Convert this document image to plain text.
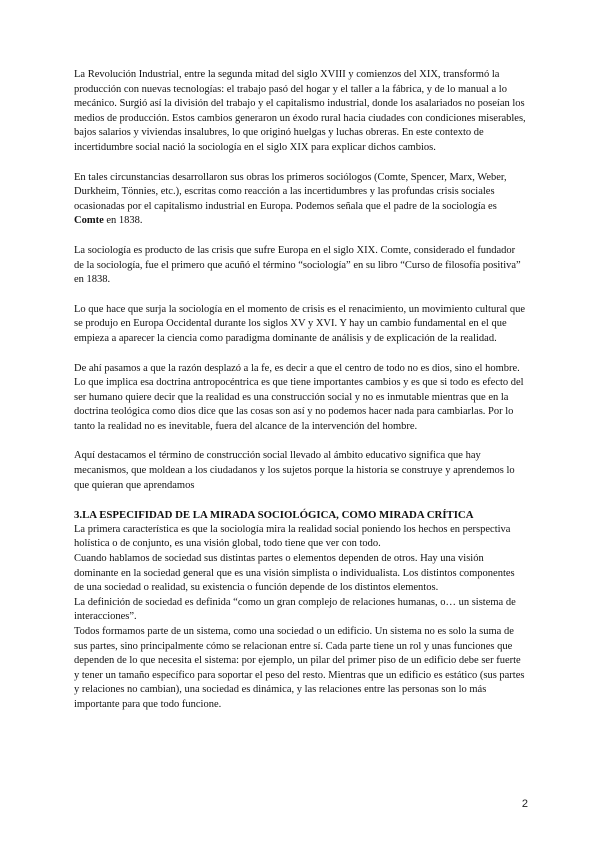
La Revolución Industrial, entre la segunda mitad del siglo XVIII y comienzos del XIX, transformó la producción con nuevas tecnologías: el trabajo pasó del hogar y el taller a la fábrica, y de lo manual a lo mecánico. Surgió así la división del trabajo y el capitalismo industrial, donde los asalariados no poseían los medios de producción. Estos cambios generaron un éxodo rural hacia ciudades con condiciones miserables, bajos salarios y viviendas insalubres, lo que originó huelgas y luchas obreras. En este contexto de incertidumbre social nació la sociología en el siglo XIX para explicar dichos cambios.

En tales circunstancias desarrollaron sus obras los primeros sociólogos (Comte, Spencer, Marx, Weber, Durkheim, Tönnies, etc.), escritas como reacción a las incertidumbres y las profundas crisis sociales ocasionadas por el capitalismo industrial en Europa. Podemos señala que el padre de la sociología es Comte en 1838.

La sociología es producto de las crisis que sufre Europa en el siglo XIX. Comte, considerado el fundador de la sociología, fue el primero que acuñó el término “sociología” en su libro “Curso de filosofía positiva” en 1838.

Lo que hace que surja la sociología en el momento de crisis es el renacimiento, un movimiento cultural que se produjo en Europa Occidental durante los siglos XV y XVI. Y hay un cambio fundamental en el que empieza a aparecer la ciencia como paradigma dominante de análisis y de explicación de la realidad.

De ahí pasamos a que la razón desplazó a la fe, es decir a que el centro de todo no es dios, sino el hombre. Lo que implica esa doctrina antropocéntrica es que tiene importantes cambios y es que si todo es efecto del ser humano quiere decir que la realidad es una construcción social y no es inmutable mientras que en la doctrina teológica como dios dice que las cosas son así y no podemos hacer nada para cambiarlas. Por lo tanto la realidad no es inevitable, fuera del alcance de la intervención del hombre.

Aquí destacamos el término de construcción social llevado al ámbito educativo significa que hay mecanismos, que moldean a los ciudadanos y los sujetos porque la historia se construye y aprendemos lo que quieran que aprendamos

3.LA ESPECIFIDAD DE LA MIRADA SOCIOLÓGICA, COMO MIRADA CRÍTICA

La primera característica es que la sociología mira la realidad social poniendo los hechos en perspectiva holística o de conjunto, es una visión global, todo tiene que ver con todo.

Cuando hablamos de sociedad sus distintas partes o elementos dependen de otros. Hay una visión dominante en la sociedad general que es una visión simplista o individualista. Los distintos componentes de una sociedad o realidad, su existencia o función depende de los distintos elementos.

La definición de sociedad es definida “como un gran complejo de relaciones humanas, o… un sistema de interacciones”.

Todos formamos parte de un sistema, como una sociedad o un edificio. Un sistema no es solo la suma de sus partes, sino principalmente cómo se relacionan entre sí. Cada parte tiene un rol y unas funciones que dependen de lo que necesita el sistema: por ejemplo, un pilar del primer piso de un edificio debe ser fuerte y tener un tamaño específico para soportar el peso del resto. Mientras que un edificio es estático (sus partes y relaciones no cambian), una sociedad es dinámica, y las relaciones entre las personas son lo más importante para que todo funcione.

2
